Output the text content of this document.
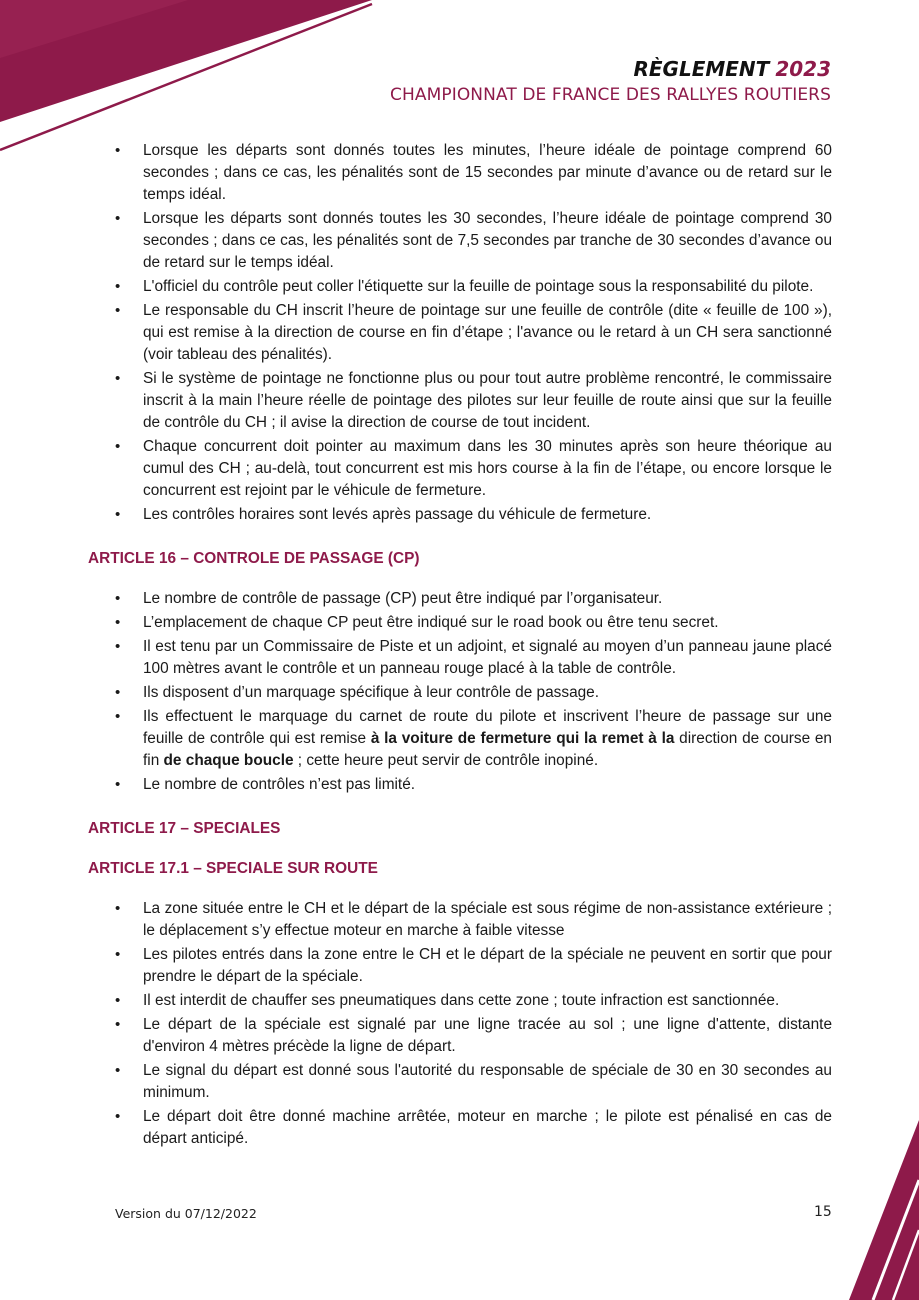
RÈGLEMENT 2023
CHAMPIONNAT DE FRANCE DES RALLYES ROUTIERS
• Lorsque les départs sont donnés toutes les minutes, l’heure idéale de pointage comprend 60 secondes ; dans ce cas, les pénalités sont de 15 secondes par minute d’avance ou de retard sur le temps idéal.
• Lorsque les départs sont donnés toutes les 30 secondes, l’heure idéale de pointage comprend 30 secondes ; dans ce cas, les pénalités sont de 7,5 secondes par tranche de 30 secondes d’avance ou de retard sur le temps idéal.
• L'officiel du contrôle peut coller l'étiquette sur la feuille de pointage sous la responsabilité du pilote.
• Le responsable du CH inscrit l’heure de pointage sur une feuille de contrôle (dite « feuille de 100 »), qui est remise à la direction de course en fin d’étape ; l'avance ou le retard à un CH sera sanctionné (voir tableau des pénalités).
• Si le système de pointage ne fonctionne plus ou pour tout autre problème rencontré, le commissaire inscrit à la main l’heure réelle de pointage des pilotes sur leur feuille de route ainsi que sur la feuille de contrôle du CH ; il avise la direction de course de tout incident.
• Chaque concurrent doit pointer au maximum dans les 30 minutes après son heure théorique au cumul des CH ; au-delà, tout concurrent est mis hors course à la fin de l’étape, ou encore lorsque le concurrent est rejoint par le véhicule de fermeture.
• Les contrôles horaires sont levés après passage du véhicule de fermeture.

ARTICLE 16 – CONTROLE DE PASSAGE (CP)

• Le nombre de contrôle de passage (CP) peut être indiqué par l’organisateur.
• L’emplacement de chaque CP peut être indiqué sur le road book ou être tenu secret.
• Il est tenu par un Commissaire de Piste et un adjoint, et signalé au moyen d’un panneau jaune placé 100 mètres avant le contrôle et un panneau rouge placé à la table de contrôle.
• Ils disposent d’un marquage spécifique à leur contrôle de passage.
• Ils effectuent le marquage du carnet de route du pilote et inscrivent l’heure de passage sur une feuille de contrôle qui est remise à la voiture de fermeture qui la remet à la direction de course en fin de chaque boucle ; cette heure peut servir de contrôle inopiné.
• Le nombre de contrôles n’est pas limité.

ARTICLE 17 – SPECIALES

ARTICLE 17.1 – SPECIALE SUR ROUTE

• La zone située entre le CH et le départ de la spéciale est sous régime de non-assistance extérieure ; le déplacement s’y effectue moteur en marche à faible vitesse
• Les pilotes entrés dans la zone entre le CH et le départ de la spéciale ne peuvent en sortir que pour prendre le départ de la spéciale.
• Il est interdit de chauffer ses pneumatiques dans cette zone ; toute infraction est sanctionnée.
• Le départ de la spéciale est signalé par une ligne tracée au sol ; une ligne d'attente, distante d'environ 4 mètres précède la ligne de départ.
• Le signal du départ est donné sous l'autorité du responsable de spéciale de 30 en 30 secondes au minimum.
• Le départ doit être donné machine arrêtée, moteur en marche ; le pilote est pénalisé en cas de départ anticipé.
Version du 07/12/2022	15
